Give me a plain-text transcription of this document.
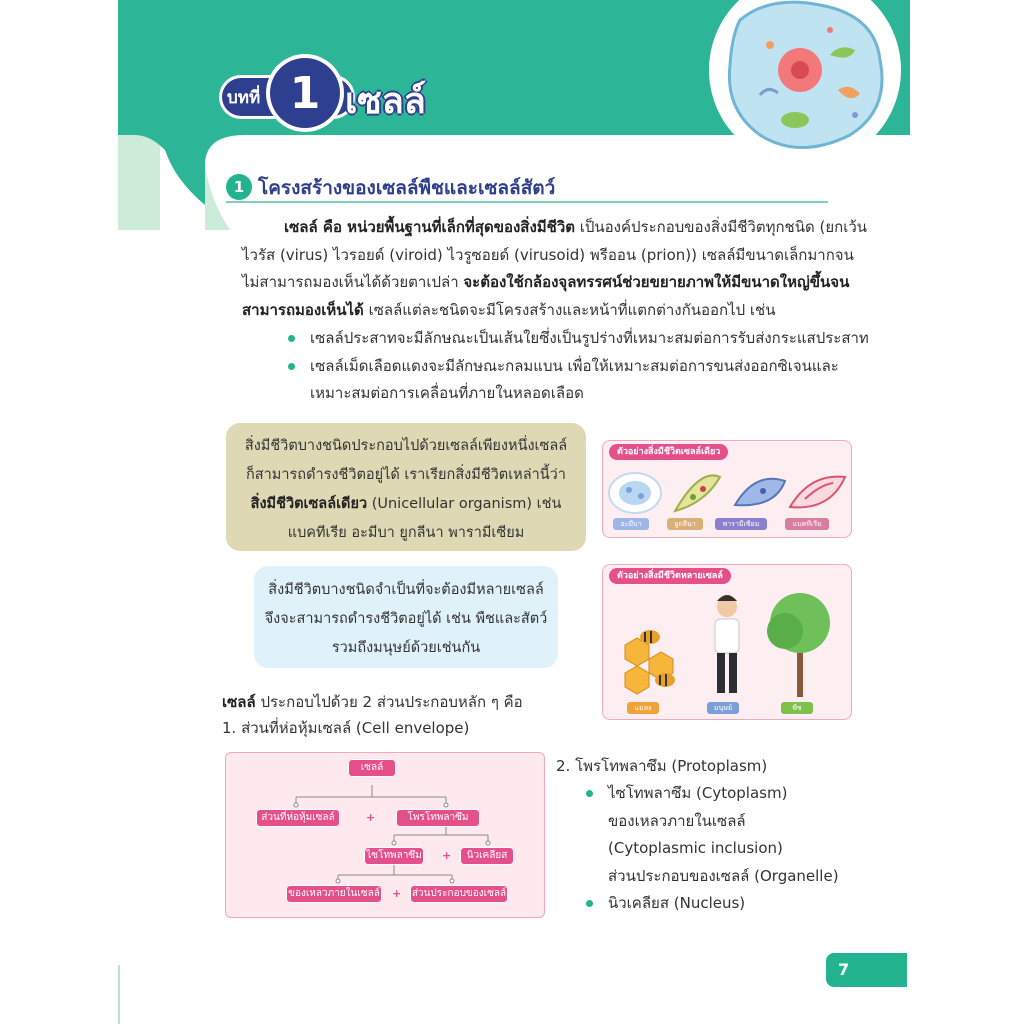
บทที่ 1 เซลล์
1 โครงสร้างของเซลล์พืชและเซลล์สัตว์
เซลล์ คือ หน่วยพื้นฐานที่เล็กที่สุดของสิ่งมีชีวิต เป็นองค์ประกอบของสิ่งมีชีวิตทุกชนิด (ยกเว้น ไวรัส (virus) ไวรอยด์ (viroid) ไวรูซอยด์ (virusoid) พรีออน (prion)) เซลล์มีขนาดเล็กมากจนไม่สามารถมองเห็นได้ด้วยตาเปล่า จะต้องใช้กล้องจุลทรรศน์ช่วยขยายภาพให้มีขนาดใหญ่ขึ้นจนสามารถมองเห็นได้ เซลล์แต่ละชนิดจะมีโครงสร้างและหน้าที่แตกต่างกันออกไป เช่น
เซลล์ประสาทจะมีลักษณะเป็นเส้นใยซึ่งเป็นรูปร่างที่เหมาะสมต่อการรับส่งกระแสประสาท
เซลล์เม็ดเลือดแดงจะมีลักษณะกลมแบน เพื่อให้เหมาะสมต่อการขนส่งออกซิเจนและเหมาะสมต่อการเคลื่อนที่ภายในหลอดเลือด
สิ่งมีชีวิตบางชนิดประกอบไปด้วยเซลล์เพียงหนึ่งเซลล์
ก็สามารถดำรงชีวิตอยู่ได้ เราเรียกสิ่งมีชีวิตเหล่านี้ว่า
สิ่งมีชีวิตเซลล์เดียว (Unicellular organism) เช่น
แบคทีเรีย อะมีบา ยูกลีนา พารามีเซียม
สิ่งมีชีวิตบางชนิดจำเป็นที่จะต้องมีหลายเซลล์
จึงจะสามารถดำรงชีวิตอยู่ได้ เช่น พืชและสัตว์
รวมถึงมนุษย์ด้วยเช่นกัน
ตัวอย่างสิ่งมีชีวิตเซลล์เดียว
อะมีบา	ยูกลีนา	พารามีเซียม	แบคทีเรีย
ตัวอย่างสิ่งมีชีวิตหลายเซลล์
แมลง	มนุษย์	พืช
เซลล์ ประกอบไปด้วย 2 ส่วนประกอบหลัก ๆ คือ
1. ส่วนที่ห่อหุ้มเซลล์ (Cell envelope)
เซลล์
ส่วนที่ห่อหุ้มเซลล์	+	โพรโทพลาซึม
ไซโทพลาซึม +	นิวเคลียส
ของเหลวภายในเซลล์ + ส่วนประกอบของเซลล์
2. โพรโทพลาซึม (Protoplasm)
ไซโทพลาซึม (Cytoplasm)
ของเหลวภายในเซลล์
(Cytoplasmic inclusion)
ส่วนประกอบของเซลล์ (Organelle)
นิวเคลียส (Nucleus)
7
